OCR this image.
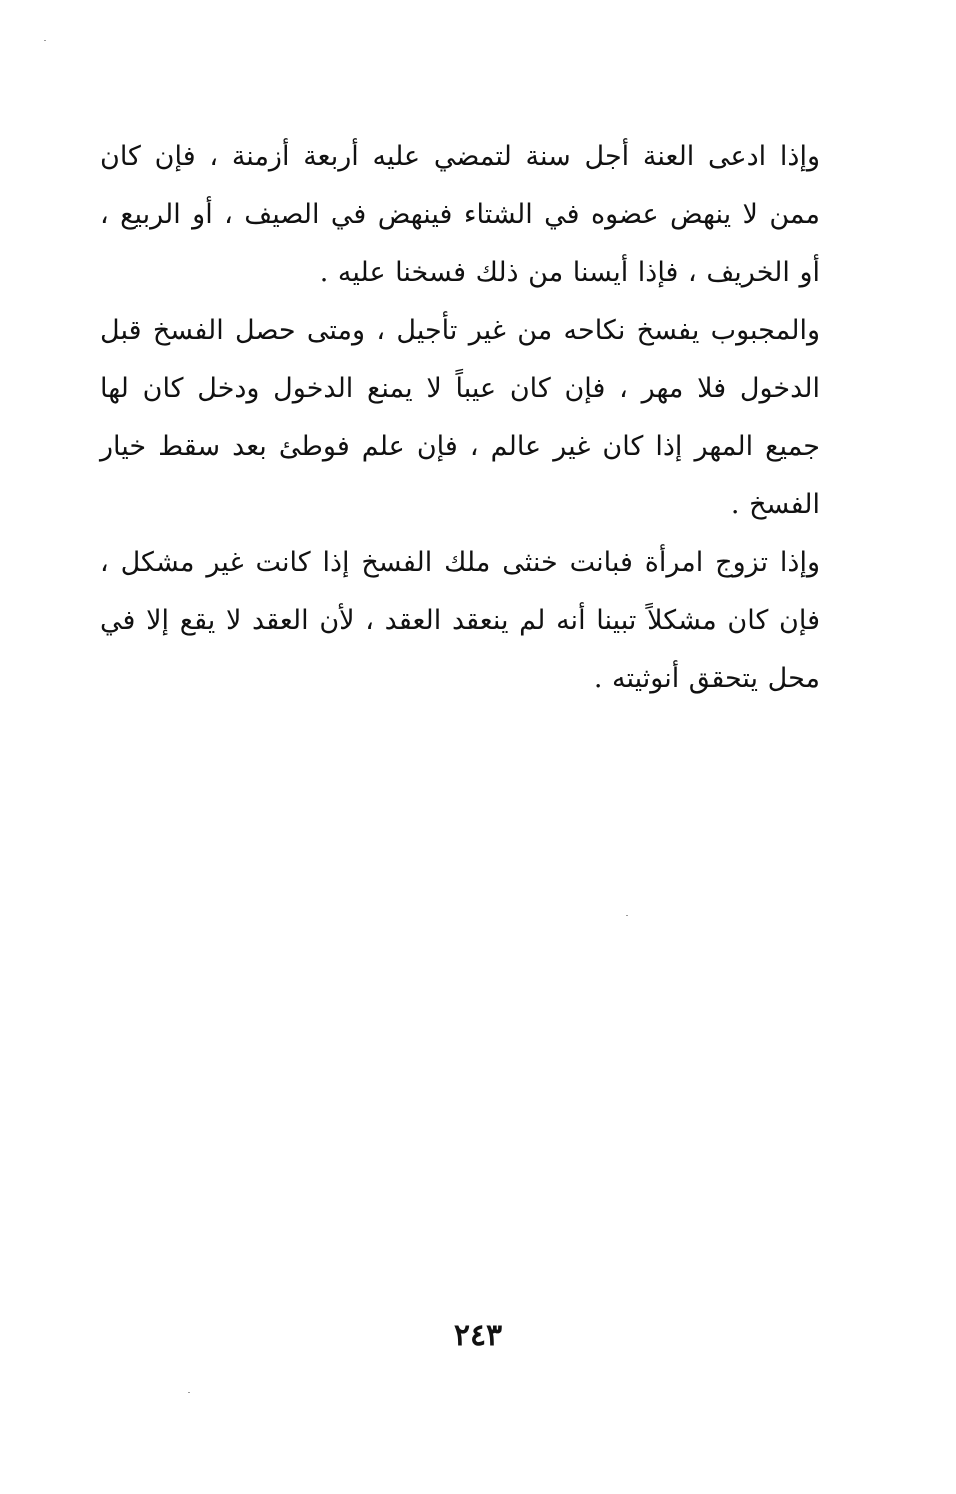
وإذا ادعى العنة أجل سنة لتمضي عليه أربعة أزمنة ، فإن كان ممن لا ينهض عضوه في الشتاء فينهض في الصيف ، أو الربيع ، أو الخريف ، فإذا أيسنا من ذلك فسخنا عليه .

والمجبوب يفسخ نكاحه من غير تأجيل ، ومتى حصل الفسخ قبل الدخول فلا مهر ، فإن كان عيباً لا يمنع الدخول ودخل كان لها جميع المهر إذا كان غير عالم ، فإن علم فوطئ بعد سقط خيار الفسخ .

وإذا تزوج امرأة فبانت خنثى ملك الفسخ إذا كانت غير مشكل ، فإن كان مشكلاً تبينا أنه لم ينعقد العقد ، لأن العقد لا يقع إلا في محل يتحقق أنوثيته .

٢٤٣
